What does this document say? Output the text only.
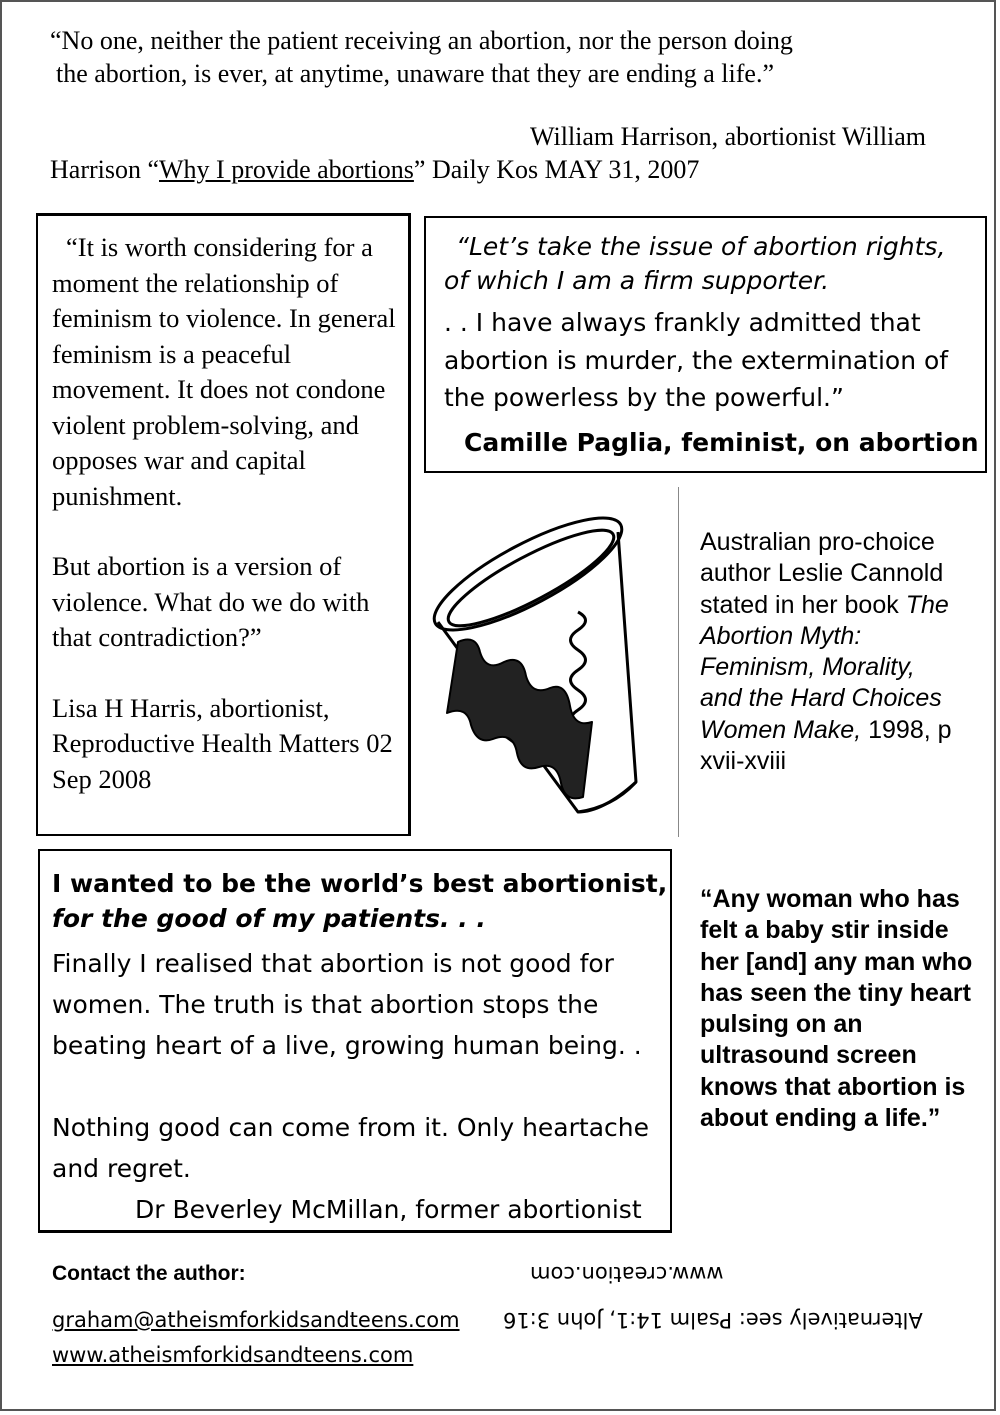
“No one, neither the patient receiving an abortion, nor the person doing
the abortion, is ever, at anytime, unaware that they are ending a life.”
William Harrison, abortionist William
Harrison “Why I provide abortions” Daily Kos MAY 31, 2007

“It is worth considering for a moment the relationship of feminism to violence. In general feminism is a peaceful movement. It does not condone violent problem-solving, and opposes war and capital punishment.

But abortion is a version of violence. What do we do with that contradiction?”

Lisa H Harris, abortionist, Reproductive Health Matters 02 Sep 2008

“Let’s take the issue of abortion rights,
of which I am a firm supporter.
. . I have always frankly admitted that abortion is murder, the extermination of the powerless by the powerful.”
Camille Paglia, feminist, on abortion
Australian pro-choice author Leslie Cannold stated in her book The Abortion Myth: Feminism, Morality, and the Hard Choices Women Make, 1998, p xvii-xviii
“Any woman who has felt a baby stir inside her [and] any man who has seen the tiny heart pulsing on an ultrasound screen knows that abortion is about ending a life.”
I wanted to be the world’s best abortionist,
for the good of my patients. . .
Finally I realised that abortion is not good for women. The truth is that abortion stops the beating heart of a live, growing human being. .
Nothing good can come from it. Only heartache and regret.
Dr Beverley McMillan, former abortionist
Contact the author:
graham@atheismforkidsandteens.com
www.atheismforkidsandteens.com
www.creation.com
Alternatively see: Psalm 14:1, John 3:16
